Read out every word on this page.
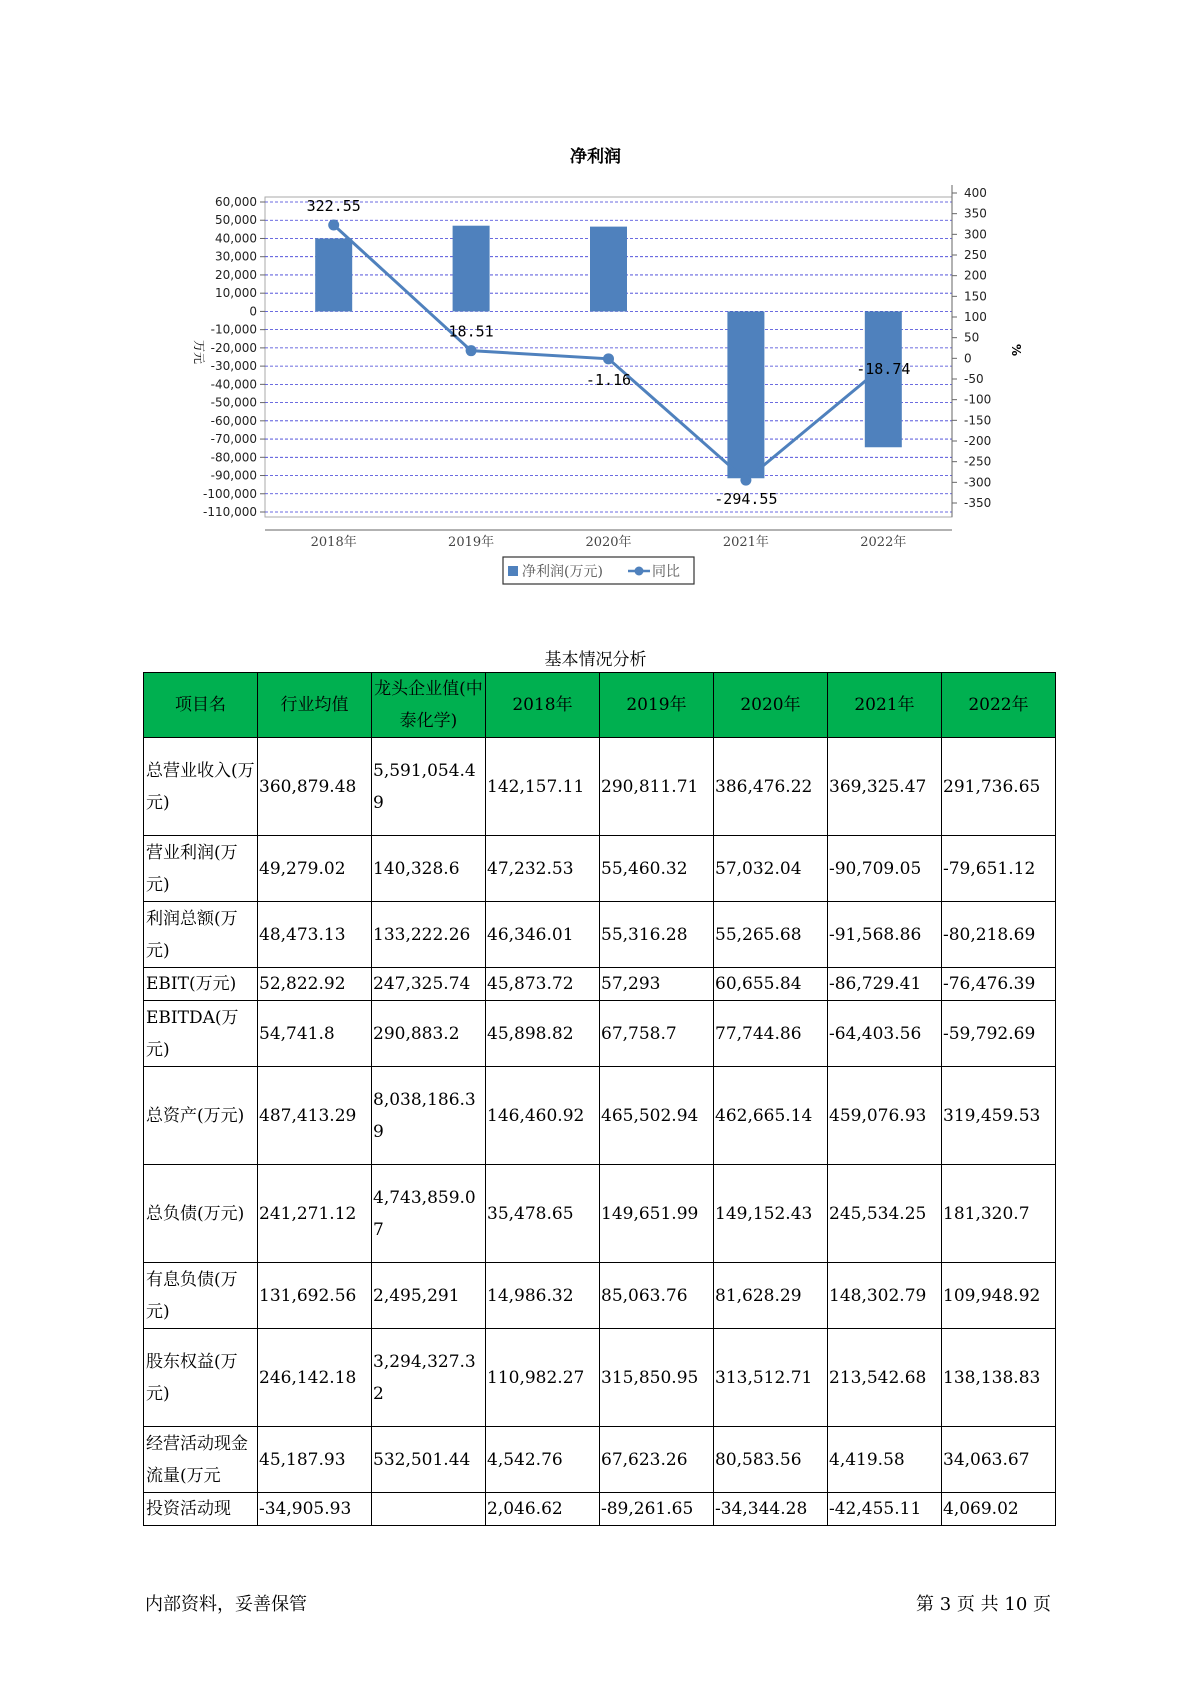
净利润
60,000
50,000
40,000
30,000
20,000
10,000
0
-10,000
-20,000
-30,000
-40,000
-50,000
-60,000
-70,000
-80,000
-90,000
-100,000
-110,000
400
350
300
250
200
150
100
50
0
-50
-100
-150
-200
-250
-300
-350
万元	%
2018年	2019年	2020年	2021年	2022年
322.55
18.51
-1.16
-294.55
-18.74
净利润(万元)	同比
基本情况分析
项目名	行业均值	龙头企业值(中泰化学)	2018年	2019年	2020年	2021年	2022年
总营业收入(万元)	360,879.48	5,591,054.49	142,157.11	290,811.71	386,476.22	369,325.47	291,736.65
营业利润(万元)	49,279.02	140,328.6	47,232.53	55,460.32	57,032.04	-90,709.05	-79,651.12
利润总额(万元)	48,473.13	133,222.26	46,346.01	55,316.28	55,265.68	-91,568.86	-80,218.69
EBIT(万元)	52,822.92	247,325.74	45,873.72	57,293	60,655.84	-86,729.41	-76,476.39
EBITDA(万元)	54,741.8	290,883.2	45,898.82	67,758.7	77,744.86	-64,403.56	-59,792.69
总资产(万元)	487,413.29	8,038,186.39	146,460.92	465,502.94	462,665.14	459,076.93	319,459.53
总负债(万元)	241,271.12	4,743,859.07	35,478.65	149,651.99	149,152.43	245,534.25	181,320.7
有息负债(万元)	131,692.56	2,495,291	14,986.32	85,063.76	81,628.29	148,302.79	109,948.92
股东权益(万元)	246,142.18	3,294,327.32	110,982.27	315,850.95	313,512.71	213,542.68	138,138.83
经营活动现金流量(万元	45,187.93	532,501.44	4,542.76	67,623.26	80,583.56	4,419.58	34,063.67
投资活动现	-34,905.93		2,046.62	-89,261.65	-34,344.28	-42,455.11	4,069.02
内部资料，妥善保管	第 3 页 共 10 页
